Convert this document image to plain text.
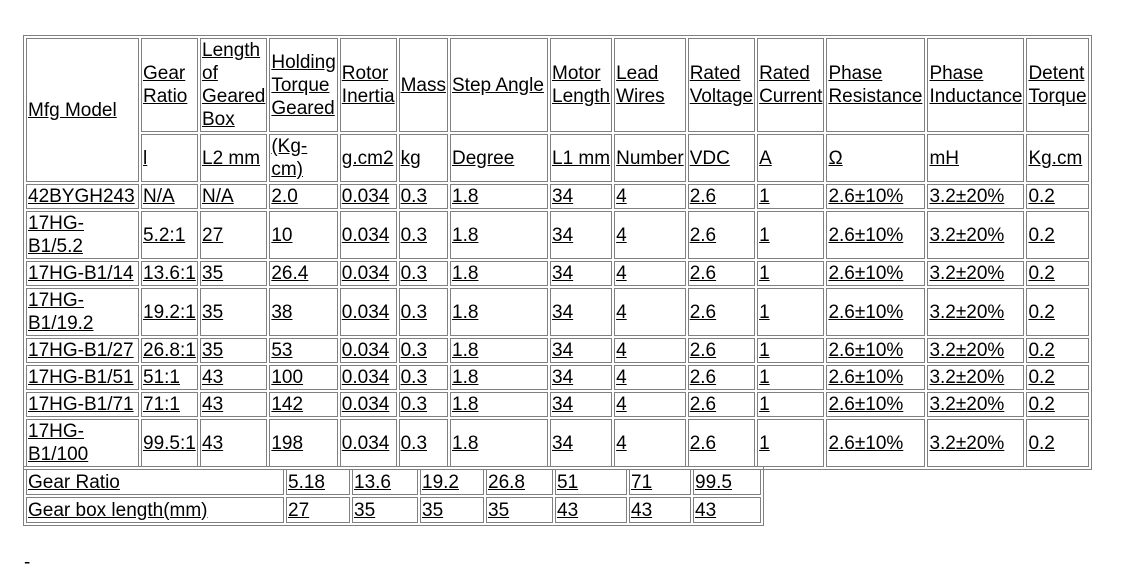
Mfg Model	Gear Ratio	Length of Geared Box	Holding Torque Geared	Rotor Inertia	Mass	Step Angle	Motor Length	Lead Wires	Rated Voltage	Rated Current	Phase Resistance	Phase Inductance	Detent Torque
	l	L2 mm	(Kg-cm)	g.cm2	kg	Degree	L1 mm	Number	VDC	A	Ω	mH	Kg.cm
42BYGH243	N/A	N/A	2.0	0.034	0.3	1.8	34	4	2.6	1	2.6±10%	3.2±20%	0.2
17HG-B1/5.2	5.2:1	27	10	0.034	0.3	1.8	34	4	2.6	1	2.6±10%	3.2±20%	0.2
17HG-B1/14	13.6:1	35	26.4	0.034	0.3	1.8	34	4	2.6	1	2.6±10%	3.2±20%	0.2
17HG-B1/19.2	19.2:1	35	38	0.034	0.3	1.8	34	4	2.6	1	2.6±10%	3.2±20%	0.2
17HG-B1/27	26.8:1	35	53	0.034	0.3	1.8	34	4	2.6	1	2.6±10%	3.2±20%	0.2
17HG-B1/51	51:1	43	100	0.034	0.3	1.8	34	4	2.6	1	2.6±10%	3.2±20%	0.2
17HG-B1/71	71:1	43	142	0.034	0.3	1.8	34	4	2.6	1	2.6±10%	3.2±20%	0.2
17HG-B1/100	99.5:1	43	198	0.034	0.3	1.8	34	4	2.6	1	2.6±10%	3.2±20%	0.2
Gear Ratio	5.18	13.6	19.2	26.8	51	71	99.5
Gear box length(mm)	27	35	35	35	43	43	43
-
